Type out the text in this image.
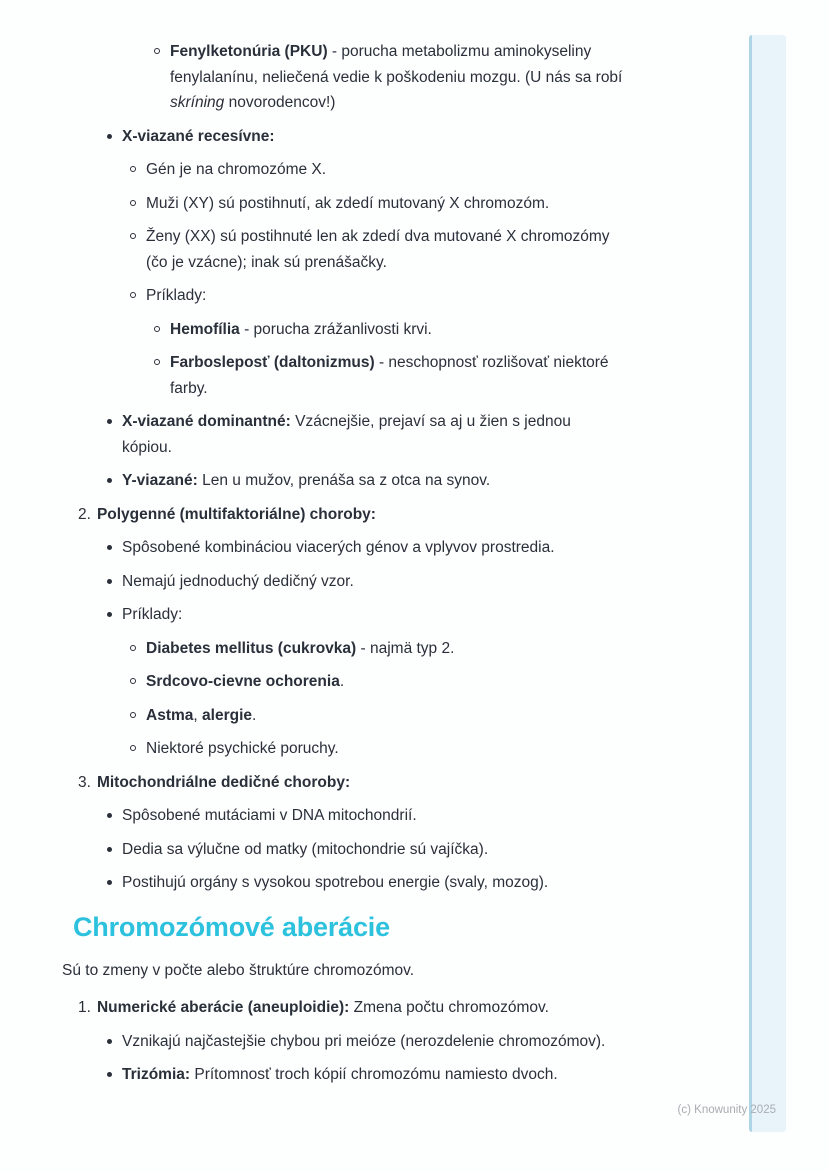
Fenylketonúria (PKU) - porucha metabolizmu aminokyseliny
fenylalanínu, neliečená vedie k poškodeniu mozgu. (U nás sa robí
skríning novorodencov!)
X-viazané recesívne:
Gén je na chromozóme X.
Muži (XY) sú postihnutí, ak zdedí mutovaný X chromozóm.
Ženy (XX) sú postihnuté len ak zdedí dva mutované X chromozómy
(čo je vzácne); inak sú prenášačky.
Príklady:
Hemofília - porucha zrážanlivosti krvi.
Farbosleposť (daltonizmus) - neschopnosť rozlišovať niektoré
farby.
X-viazané dominantné: Vzácnejšie, prejaví sa aj u žien s jednou
kópiou.
Y-viazané: Len u mužov, prenáša sa z otca na synov.
2. Polygenné (multifaktoriálne) choroby:
Spôsobené kombináciou viacerých génov a vplyvov prostredia.
Nemajú jednoduchý dedičný vzor.
Príklady:
Diabetes mellitus (cukrovka) - najmä typ 2.
Srdcovo-cievne ochorenia.
Astma, alergie.
Niektoré psychické poruchy.
3. Mitochondriálne dedičné choroby:
Spôsobené mutáciami v DNA mitochondrií.
Dedia sa výlučne od matky (mitochondrie sú vajíčka).
Postihujú orgány s vysokou spotrebou energie (svaly, mozog).
Chromozómové aberácie

Sú to zmeny v počte alebo štruktúre chromozómov.

1. Numerické aberácie (aneuploidie): Zmena počtu chromozómov.
Vznikajú najčastejšie chybou pri meióze (nerozdelenie chromozómov).
Trizómia: Prítomnosť troch kópií chromozómu namiesto dvoch.
(c) Knowunity 2025
